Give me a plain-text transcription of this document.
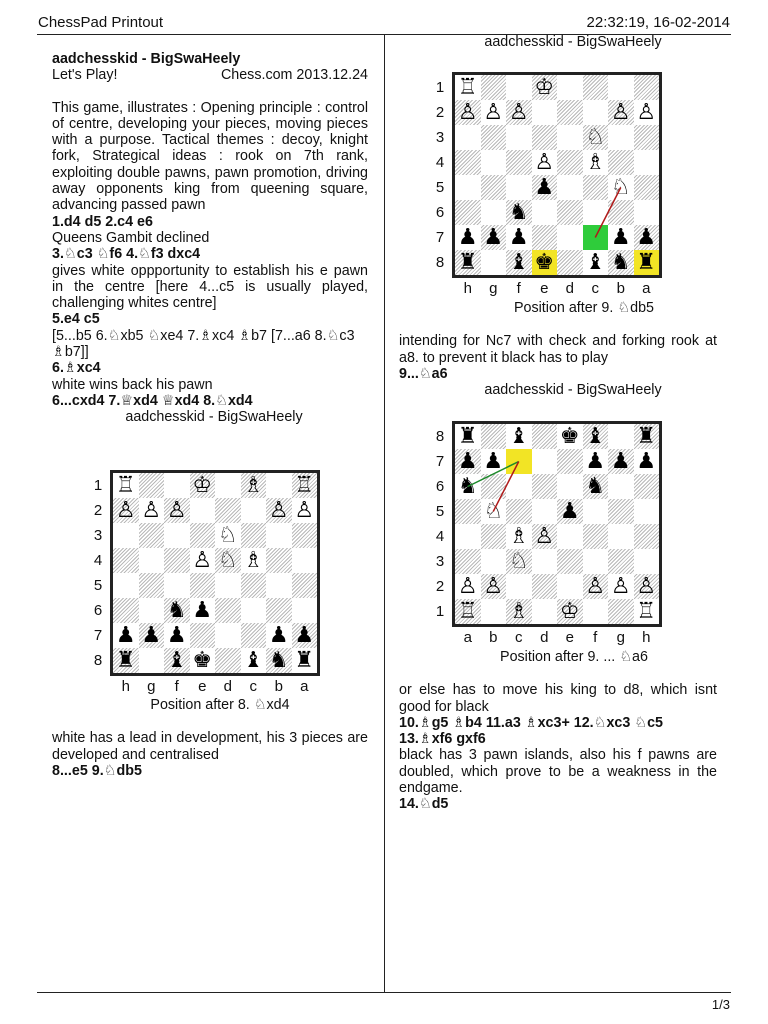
ChessPad Printout	22:32:19, 16-02-2014

aadchesskid - BigSwaHeely

Let's Play!	Chess.com 2013.12.24

This game, illustrates : Opening principle : control of centre, developing your pieces, moving pieces with a purpose. Tactical themes : decoy, knight fork, Strategical ideas : rook on 7th rank, exploiting double pawns, pawn promotion, driving away opponents king from queening square, advancing passed pawn

1.d4 d5 2.c4 e6

Queens Gambit declined

3.♘c3 ♘f6 4.♘f3 dxc4

gives white oppportunity to establish his e pawn in the centre [here 4...c5 is usually played, challenging whites centre]

5.e4 c5

[5...b5 6.♘xb5 ♘xe4 7.♗xc4 ♗b7 [7...a6 8.♘c3 ♗b7]]

6.♗xc4

white wins back his pawn

6...cxd4 7.♕xd4 ♕xd4 8.♘xd4

aadchesskid - BigSwaHeely

♖	♔ ♗ ♖
♙ ♙ ♙	♙ ♙
♘
♙ ♘ ♗
♞ ♟
♟ ♟ ♟	♟ ♟
♜ ♝ ♚ ♝ ♞ ♜
1
2
3
4
5
6
7
8
h	g	f	e	d	c	b	a

Position after 8. ♘xd4

white has a lead in development, his 3 pieces are developed and centralised

8...e5 9.♘db5

aadchesskid - BigSwaHeely

♖	♔
♙ ♙ ♙	♙ ♙
♘
♙ ♗
♟	♘
♞
♟ ♟ ♟	♟ ♟
♜ ♝ ♚ ♝ ♞ ♜
1
2
3
4
5
6
7
8
h	g	f	e	d	c	b	a

Position after 9. ♘db5

intending for Nc7 with check and forking rook at a8. to prevent it black has to play

9...♘a6

aadchesskid - BigSwaHeely

♜ ♝ ♚ ♝ ♜
♟ ♟	♟ ♟ ♟
♞	♞
♘	♟
♗ ♙
♘
♙ ♙	♙ ♙ ♙
♖ ♗ ♔	♖
8
7
6
5
4
3
2
1
a	b	c	d	e	f	g	h

Position after 9. ... ♘a6

or else has to move his king to d8, which isnt good for black

10.♗g5 ♗b4 11.a3 ♗xc3+ 12.♘xc3 ♘c5 13.♗xf6 gxf6

black has 3 pawn islands, also his f pawns are doubled, which prove to be a weakness in the endgame.

14.♘d5

1/3
